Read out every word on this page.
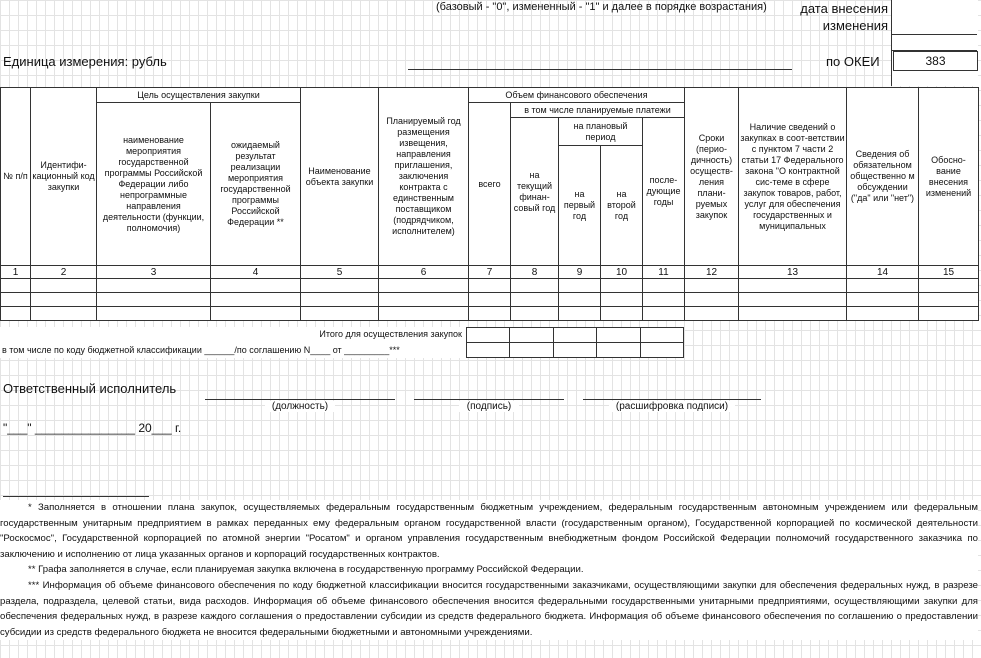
(базовый - "0", измененный - "1" и далее в порядке возрастания)	дата внесения изменения
Единица измерения: рубль	по ОКЕИ	383
№ п/п	Идентифи-кационный код закупки	Цель осуществления закупки		Наименование объекта закупки	Планируемый год размещения извещения, направления приглашения, заключения контракта с единственным поставщиком (подрядчиком, исполнителем)	Объем финансового обеспечения					Сроки (перио-дичность) осуществ-ления плани-руемых закупок	Наличие сведений о закупках в соот-ветствии с пунктом 7 части 2 статьи 17 Федерального закона "О контрактной сис-теме в сфере закупок товаров, работ, услуг для обеспечения государственных и муниципальных	Сведения об обязательном общественно м обсуждении ("да" или "нет")	Обосно-вание внесения изменений
		наименование мероприятия государственной программы Российской Федерации либо непрограммные направления деятельности (функции, полномочия)	ожидаемый результат реализации мероприятия государственной программы Российской Федерации **			всего	в том числе планируемые платежи							
							на текущий финан-совый год	на плановый период		после-дующие годы				
								на первый год	на второй год					
1	2	3	4	5	6	7	8	9	10	11	12	13	14	15

Итого для осуществления закупок
в том числе по коду бюджетной классификации ______/по соглашению N____ от _________***
Ответственный исполнитель
(должность)	(подпись)	(расшифровка подписи)
"___" _______________ 20___ г.

* Заполняется в отношении плана закупок, осуществляемых федеральным государственным бюджетным учреждением, федеральным государственным автономным учреждением или федеральным государственным унитарным предприятием в рамках переданных ему федеральным органом государственной власти (государственным органом), Государственной корпорацией по космической деятельности "Роскосмос", Государственной корпорацией по атомной энергии "Росатом" и органом управления государственным внебюджетным фондом Российской Федерации полномочий государственного заказчика по заключению и исполнению от лица указанных органов и корпораций государственных контрактов.

** Графа заполняется в случае, если планируемая закупка включена в государственную программу Российской Федерации.

*** Информация об объеме финансового обеспечения по коду бюджетной классификации вносится государственными заказчиками, осуществляющими закупки для обеспечения федеральных нужд, в разрезе раздела, подраздела, целевой статьи, вида расходов. Информация об объеме финансового обеспечения вносится федеральными государственными унитарными предприятиями, осуществляющими закупки для обеспечения федеральных нужд, в разрезе каждого соглашения о предоставлении субсидии из средств федерального бюджета. Информация об объеме финансового обеспечения по соглашению о предоставлении субсидии из средств федерального бюджета не вносится федеральными бюджетными и автономными учреждениями.
